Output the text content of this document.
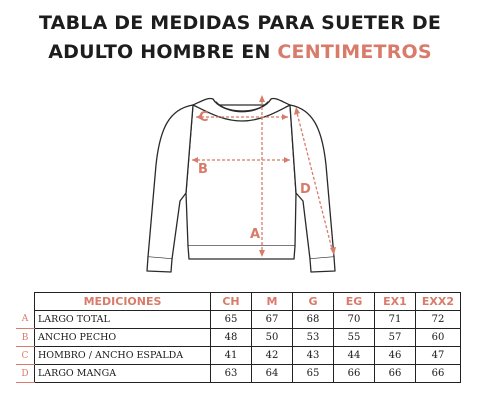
TABLA DE MEDIDAS PARA SUETER DE
ADULTO HOMBRE EN CENTIMETROS
C
B
A
D
	MEDICIONES	CH	M	G	EG	EX1	EXX2
A	LARGO TOTAL	65	67	68	70	71	72
B	ANCHO PECHO	48	50	53	55	57	60
C	HOMBRO / ANCHO ESPALDA	41	42	43	44	46	47
D	LARGO MANGA	63	64	65	66	66	66
